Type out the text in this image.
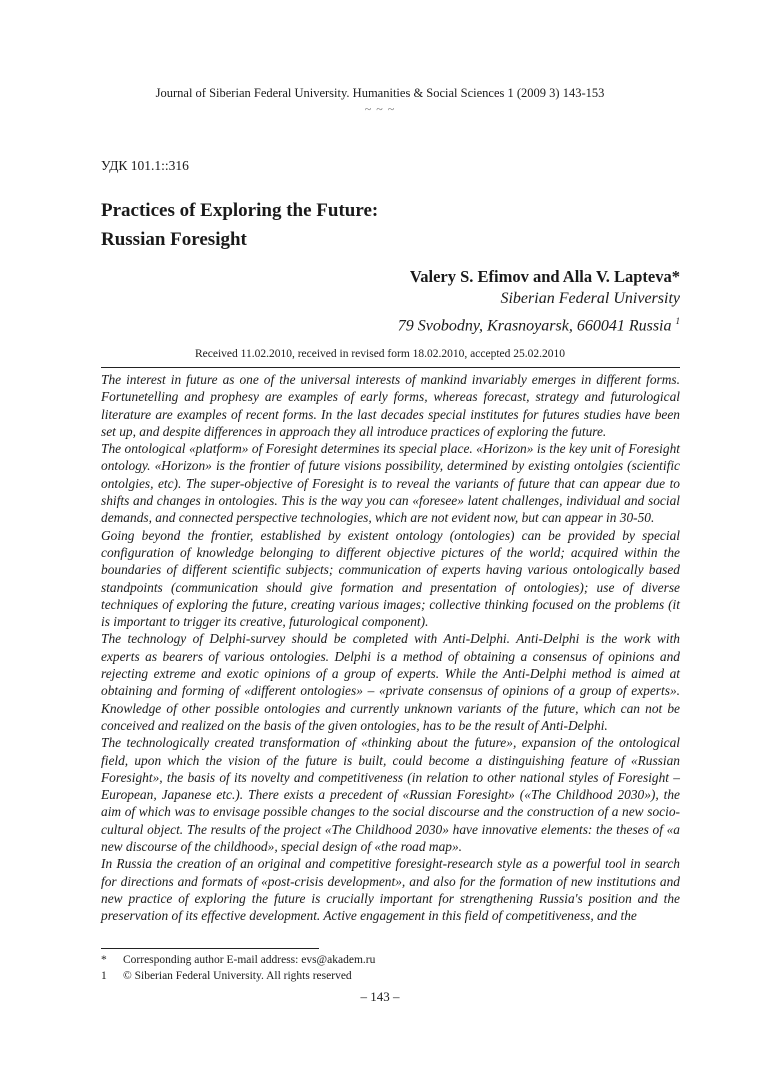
Journal of Siberian Federal University. Humanities & Social Sciences 1 (2009 3) 143-153
~ ~ ~
УДК 101.1::316
Practices of Exploring the Future:
Russian Foresight
Valery S. Efimov and Alla V. Lapteva*
Siberian Federal University
79 Svobodny, Krasnoyarsk, 660041 Russia $^1$
Received 11.02.2010, received in revised form 18.02.2010, accepted 25.02.2010

The interest in future as one of the universal interests of mankind invariably emerges in different forms. Fortunetelling and prophesy are examples of early forms, whereas forecast, strategy and futurological literature are examples of recent forms. In the last decades special institutes for futures studies have been set up, and despite differences in approach they all introduce practices of exploring the future.

The ontological «platform» of Foresight determines its special place. «Horizon» is the key unit of Foresight ontology. «Horizon» is the frontier of future visions possibility, determined by existing ontolgies (scientific ontolgies, etc). The super-objective of Foresight is to reveal the variants of future that can appear due to shifts and changes in ontologies. This is the way you can «foresee» latent challenges, individual and social demands, and connected perspective technologies, which are not evident now, but can appear in 30-50.

Going beyond the frontier, established by existent ontology (ontologies) can be provided by special configuration of knowledge belonging to different objective pictures of the world; acquired within the boundaries of different scientific subjects; communication of experts having various ontologically based standpoints (communication should give formation and presentation of ontologies); use of diverse techniques of exploring the future, creating various images; collective thinking focused on the problems (it is important to trigger its creative, futurological component).

The technology of Delphi-survey should be completed with Anti-Delphi. Anti-Delphi is the work with experts as bearers of various ontologies. Delphi is a method of obtaining a consensus of opinions and rejecting extreme and exotic opinions of a group of experts. While the Anti-Delphi method is aimed at obtaining and forming of «different ontologies» – «private consensus of opinions of a group of experts». Knowledge of other possible ontologies and currently unknown variants of the future, which can not be conceived and realized on the basis of the given ontologies, has to be the result of Anti-Delphi.

The technologically created transformation of «thinking about the future», expansion of the ontological field, upon which the vision of the future is built, could become a distinguishing feature of «Russian Foresight», the basis of its novelty and competitiveness (in relation to other national styles of Foresight – European, Japanese etc.). There exists a precedent of «Russian Foresight» («The Childhood 2030»), the aim of which was to envisage possible changes to the social discourse and the construction of a new socio-cultural object. The results of the project «The Childhood 2030» have innovative elements: the theses of «a new discourse of the childhood», special design of «the road map».

In Russia the creation of an original and competitive foresight-research style as a powerful tool in search for directions and formats of «post-crisis development», and also for the formation of new institutions and new practice of exploring the future is crucially important for strengthening Russia's position and the preservation of its effective development. Active engagement in this field of competitiveness, and the

*	Corresponding author E-mail address: evs@akadem.ru
1	© Siberian Federal University. All rights reserved
– 143 –
